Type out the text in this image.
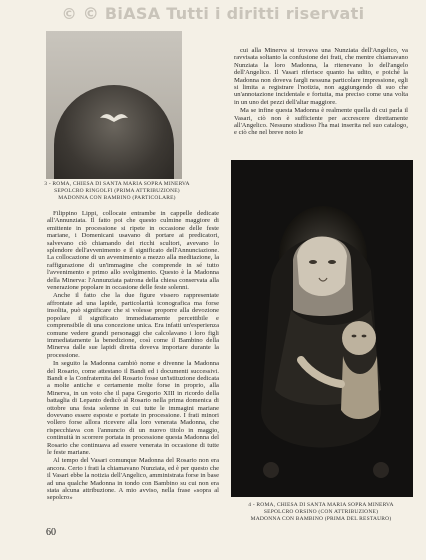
© © BiASA Tutti i diritti riservati
3 - ROMA, CHIESA DI SANTA MARIA SOPRA MINERVA
SEPOLCRO RINGOLFI (PRIMA ATTRIBUZIONE)
MADONNA CON BAMBINO (PARTICOLARE)

cui alla Minerva si trovava una Nunziata dell'Angelico, va ravvisata soltanto la confusione dei frati, che mentre chiamavano Nunziata la loro Madonna, la ritenevano lo dell'angelo dell'Angelico. Il Vasari riferisce quanto ha udito, e poiché la Madonna non doveva fargli nessuna particolare impressione, egli si limita a registrare l'notizia, non aggiungendo di suo che un'annotazione incidentale e fortuita, ma preciso come una volta in un uno dei pezzi dell'altar maggiore.

Ma se infine questa Madonna è realmente quella di cui parla il Vasari, ciò non è sufficiente per accrescere direttamente all'Angelico. Nessuno studioso l'ha mai inserita nel suo catalogo, e ciò che nel breve noto le

Filippino Lippi, collocate entrambe in cappelle dedicate all'Annunziata. Il fatto poi che questo culmine maggiore di emittente in processione si ripete in occasione delle feste mariane, i Domenicani usavano di portare ai predicatori, salvevano ciò chiamando dei ricchi scultori, avevano lo splendore dell'avvenimento e il significato dell'Annunciazione. La collocazione di un avvenimento a mezzo alla meditazione, la raffigurazione di un'immagine che comprende in sé tutto l'avvenimento e primo allo svolgimento. Questo è la Madonna della Minerva: l'Annunziata patrona della chiesa conservata alla venerazione popolare in occasione delle feste solenni.

Anche il fatto che la due figure vissero rappresentate affrontate ad una lapide, particolarità iconografica ma forse insolita, può significare che si volesse proporre alla devozione popolare il significato immediatamente percettibile e comprensibile di una concezione unica. Era infatti un'esperienza comune vedere grandi personaggi che calcolavano i loro figli immediatamente la benedizione, così come il Bambino della Minerva dalle sue lapidi diretta doveva importare durante la processione.

In seguito la Madonna cambiò nome e divenne la Madonna del Rosario, come attestano il Bandi ed i documenti successivi. Bandi e la Confraternita del Rosario fosse un'istituzione dedicata a molte antiche e certamente molte forse in proprio, alla Minerva, in un voto che il papa Gregorio XIII in ricordo della battaglia di Lepanto dedicò al Rosario nella prima domenica di ottobre una festa solenne in cui tutte le immagini mariane dovevano essere esposte e portate in processione. I frati minori vollero forse allora ricevere alla loro venerata Madonna, che rispecchiava con l'annuncio di un nuovo titolo in maggio, continuità in scorrere portata in processione questa Madonna del Rosario che continuava ad essere venerata in occasione di tutte le feste mariane.

Al tempo del Vasari comunque Madonna del Rosario non era ancora. Certo i frati la chiamavano Nunziata, ed è per questo che il Vasari ebbe la notizia dell'Angelico, amministrata forse in base ad una qualche Madonna in tondo con Bambino su cui non era stata alcuna attribuzione. A mio avviso, nella frase «sopra al sepolcro»

4 - ROMA, CHIESA DI SANTA MARIA SOPRA MINERVA
SEPOLCRO ORSINO (CON ATTRIBUZIONE)
MADONNA CON BAMBINO (PRIMA DEL RESTAURO)
60
